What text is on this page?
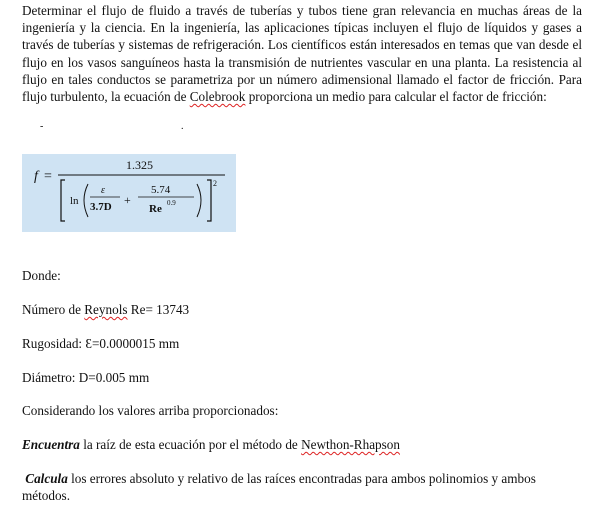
Determinar el flujo de fluido a través de tuberías y tubos tiene gran relevancia en muchas áreas de la ingeniería y la ciencia. En la ingeniería, las aplicaciones típicas incluyen el flujo de líquidos y gases a través de tuberías y sistemas de refrigeración. Los científicos están interesados en temas que van desde el flujo en los vasos sanguíneos hasta la transmisión de nutrientes vascular en una planta. La resistencia al flujo en tales conductos se parametriza por un número adimensional llamado el factor de fricción. Para flujo turbulento, la ecuación de Colebrook proporciona un medio para calcular el factor de fricción:

-	.
f =
1.325
2
ln
ε
3.7D +
5.74
Re 0.9

Donde:

Número de Reynols Re= 13743

Rugosidad: Ɛ=0.0000015 mm

Diámetro: D=0.005 mm

Considerando los valores arriba proporcionados:

Encuentra la raíz de esta ecuación por el método de Newthon-Rhapson

Calcula los errores absoluto y relativo de las raíces encontradas para ambos polinomios y ambos métodos.
